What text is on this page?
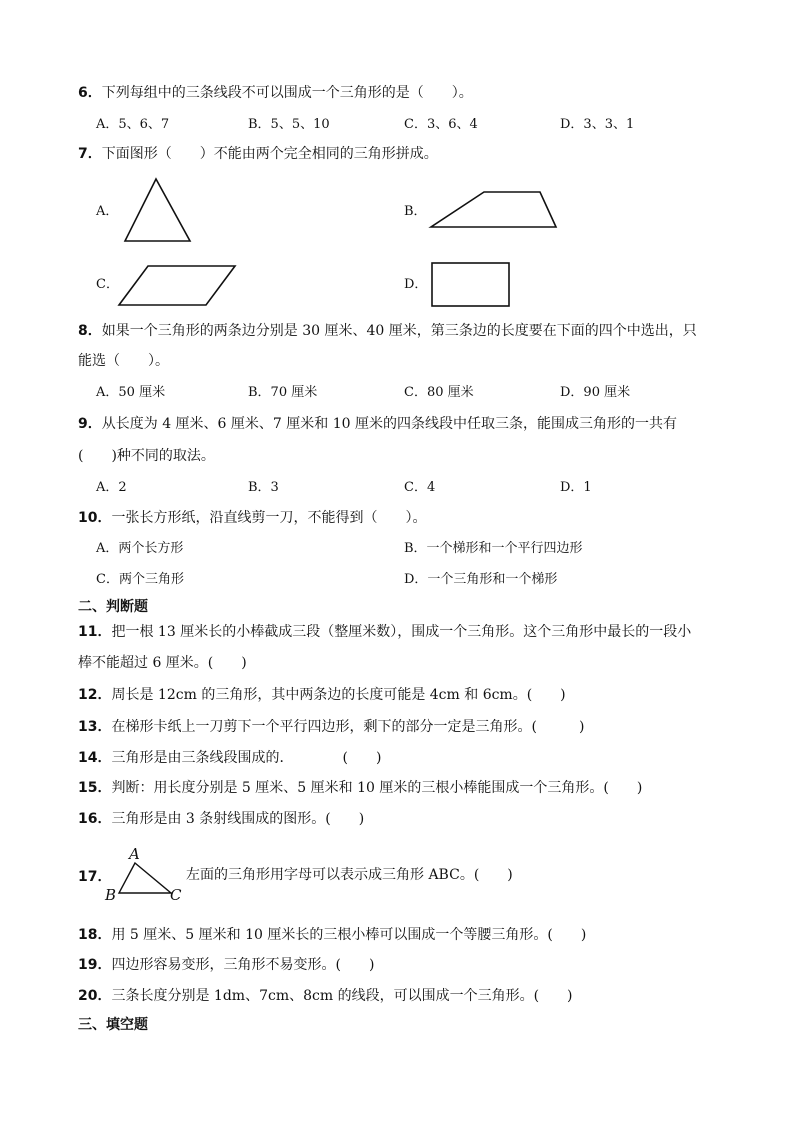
6．下列每组中的三条线段不可以围成一个三角形的是（　　）。
A．5、6、7	B．5、5、10	C．3、6、4	D．3、3、1
7．下面图形（　　）不能由两个完全相同的三角形拼成。
A．	B．
C．	D．
8．如果一个三角形的两条边分别是 30 厘米、40 厘米，第三条边的长度要在下面的四个中选出，只
能选（　　）。
A．50 厘米	B．70 厘米	C．80 厘米	D．90 厘米
9．从长度为 4 厘米、6 厘米、7 厘米和 10 厘米的四条线段中任取三条，能围成三角形的一共有
(　　)种不同的取法。
A．2	B．3	C．4	D．1
10．一张长方形纸，沿直线剪一刀，不能得到（　　）。
A．两个长方形	B．一个梯形和一个平行四边形
C．两个三角形	D．一个三角形和一个梯形
二、判断题
11．把一根 13 厘米长的小棒截成三段（整厘米数），围成一个三角形。这个三角形中最长的一段小
棒不能超过 6 厘米。(　　)
12．周长是 12cm 的三角形，其中两条边的长度可能是 4cm 和 6cm。(　　)
13．在梯形卡纸上一刀剪下一个平行四边形，剩下的部分一定是三角形。(　　　)
14．三角形是由三条线段围成的．　　　　(　　)
15．判断：用长度分别是 5 厘米、5 厘米和 10 厘米的三根小棒能围成一个三角形。(　　)
16．三角形是由 3 条射线围成的图形。(　　)
17．
A
B	C
左面的三角形用字母可以表示成三角形 ABC。(　　)
18．用 5 厘米、5 厘米和 10 厘米长的三根小棒可以围成一个等腰三角形。(　　)
19．四边形容易变形，三角形不易变形。(　　)
20．三条长度分别是 1dm、7cm、8cm 的线段，可以围成一个三角形。(　　)
三、填空题
